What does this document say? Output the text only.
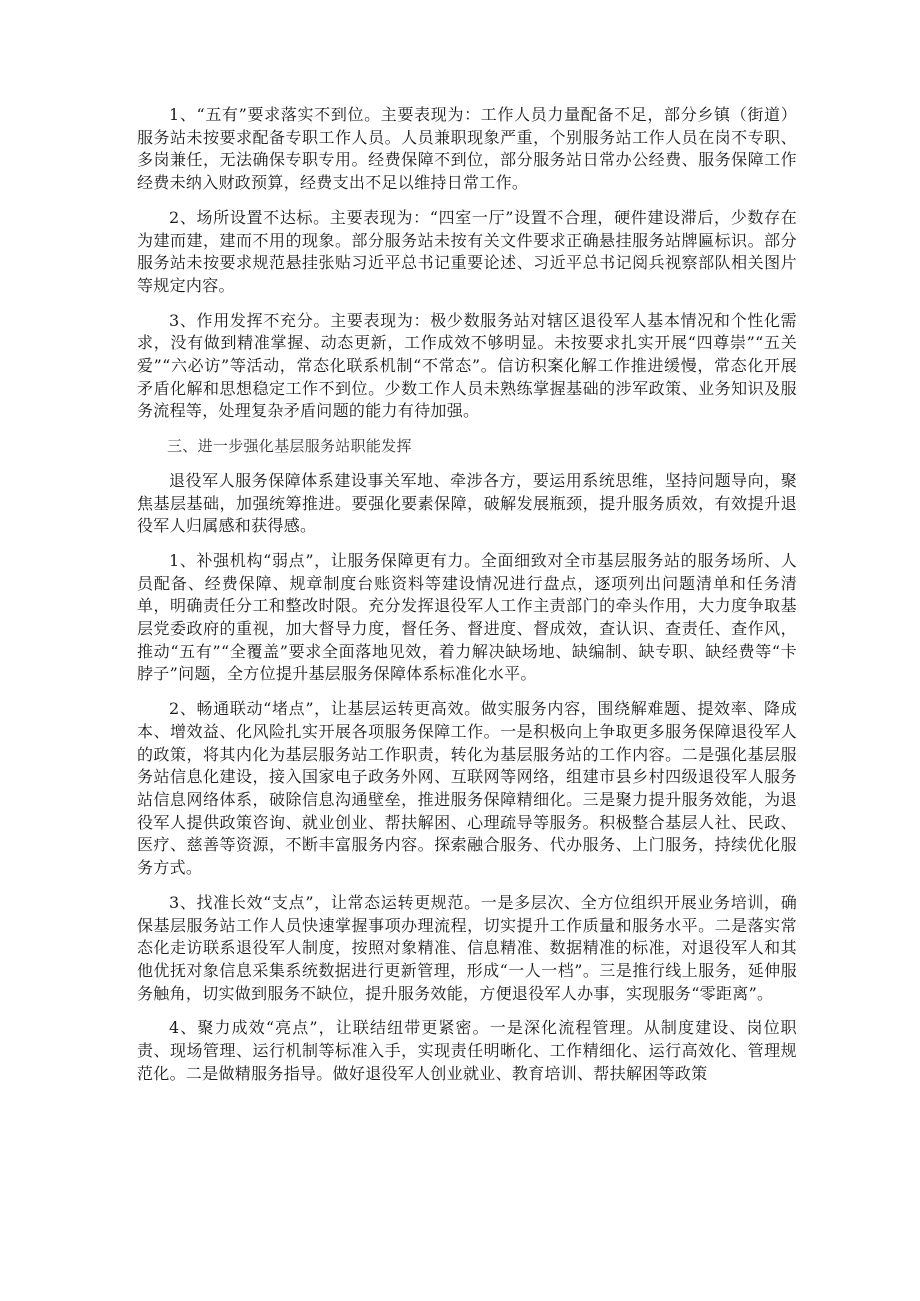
1、“五有”要求落实不到位。主要表现为：工作人员力量配备不足，部分乡镇（街道）服务站未按要求配备专职工作人员。人员兼职现象严重，个别服务站工作人员在岗不专职、多岗兼任，无法确保专职专用。经费保障不到位，部分服务站日常办公经费、服务保障工作经费未纳入财政预算，经费支出不足以维持日常工作。

2、场所设置不达标。主要表现为：“四室一厅”设置不合理，硬件建设滞后，少数存在为建而建，建而不用的现象。部分服务站未按有关文件要求正确悬挂服务站牌匾标识。部分服务站未按要求规范悬挂张贴习近平总书记重要论述、习近平总书记阅兵视察部队相关图片等规定内容。

3、作用发挥不充分。主要表现为：极少数服务站对辖区退役军人基本情况和个性化需求，没有做到精准掌握、动态更新，工作成效不够明显。未按要求扎实开展“四尊崇”“五关爱”“六必访”等活动，常态化联系机制“不常态”。信访积案化解工作推进缓慢，常态化开展矛盾化解和思想稳定工作不到位。少数工作人员未熟练掌握基础的涉军政策、业务知识及服务流程等，处理复杂矛盾问题的能力有待加强。

三、进一步强化基层服务站职能发挥

退役军人服务保障体系建设事关军地、牵涉各方，要运用系统思维，坚持问题导向，聚焦基层基础，加强统筹推进。要强化要素保障，破解发展瓶颈，提升服务质效，有效提升退役军人归属感和获得感。

1、补强机构“弱点”，让服务保障更有力。全面细致对全市基层服务站的服务场所、人员配备、经费保障、规章制度台账资料等建设情况进行盘点，逐项列出问题清单和任务清单，明确责任分工和整改时限。充分发挥退役军人工作主责部门的牵头作用，大力度争取基层党委政府的重视，加大督导力度，督任务、督进度、督成效，查认识、查责任、查作风，推动“五有”“全覆盖”要求全面落地见效，着力解决缺场地、缺编制、缺专职、缺经费等“卡脖子”问题，全方位提升基层服务保障体系标准化水平。

2、畅通联动“堵点”，让基层运转更高效。做实服务内容，围绕解难题、提效率、降成本、增效益、化风险扎实开展各项服务保障工作。一是积极向上争取更多服务保障退役军人的政策，将其内化为基层服务站工作职责，转化为基层服务站的工作内容。二是强化基层服务站信息化建设，接入国家电子政务外网、互联网等网络，组建市县乡村四级退役军人服务站信息网络体系，破除信息沟通壁垒，推进服务保障精细化。三是聚力提升服务效能，为退役军人提供政策咨询、就业创业、帮扶解困、心理疏导等服务。积极整合基层人社、民政、医疗、慈善等资源，不断丰富服务内容。探索融合服务、代办服务、上门服务，持续优化服务方式。

3、找准长效“支点”，让常态运转更规范。一是多层次、全方位组织开展业务培训，确保基层服务站工作人员快速掌握事项办理流程，切实提升工作质量和服务水平。二是落实常态化走访联系退役军人制度，按照对象精准、信息精准、数据精准的标准，对退役军人和其他优抚对象信息采集系统数据进行更新管理，形成“一人一档”。三是推行线上服务，延伸服务触角，切实做到服务不缺位，提升服务效能，方便退役军人办事，实现服务“零距离”。

4、聚力成效“亮点”，让联结纽带更紧密。一是深化流程管理。从制度建设、岗位职责、现场管理、运行机制等标准入手，实现责任明晰化、工作精细化、运行高效化、管理规范化。二是做精服务指导。做好退役军人创业就业、教育培训、帮扶解困等政策
